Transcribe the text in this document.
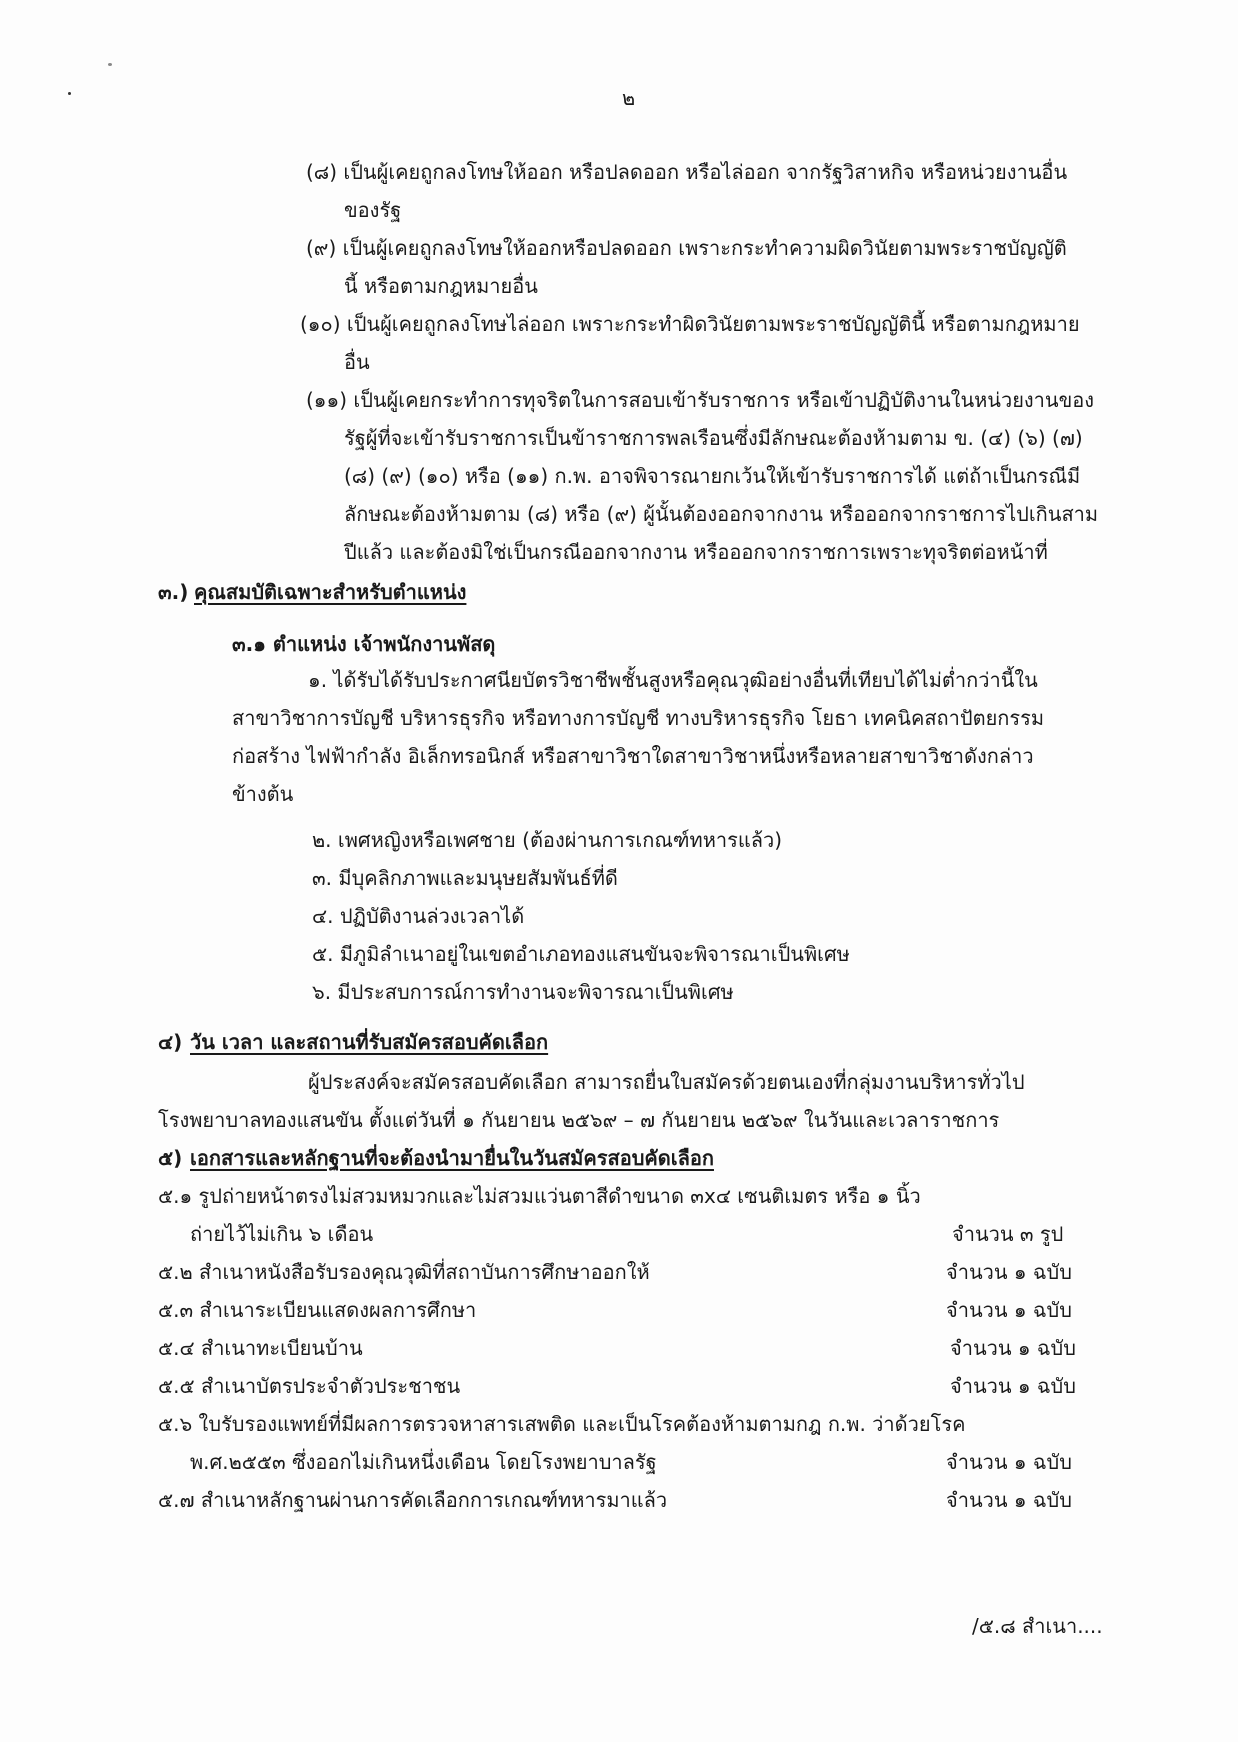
๒
(๘) เป็นผู้เคยถูกลงโทษให้ออก หรือปลดออก หรือไล่ออก จากรัฐวิสาหกิจ หรือหน่วยงานอื่น
ของรัฐ
(๙) เป็นผู้เคยถูกลงโทษให้ออกหรือปลดออก เพราะกระทำความผิดวินัยตามพระราชบัญญัติ
นี้ หรือตามกฎหมายอื่น
(๑๐) เป็นผู้เคยถูกลงโทษไล่ออก เพราะกระทำผิดวินัยตามพระราชบัญญัตินี้ หรือตามกฎหมาย
อื่น
(๑๑) เป็นผู้เคยกระทำการทุจริตในการสอบเข้ารับราชการ หรือเข้าปฏิบัติงานในหน่วยงานของ
รัฐผู้ที่จะเข้ารับราชการเป็นข้าราชการพลเรือนซึ่งมีลักษณะต้องห้ามตาม ข. (๔) (๖) (๗)
(๘) (๙) (๑๐) หรือ (๑๑) ก.พ. อาจพิจารณายกเว้นให้เข้ารับราชการได้ แต่ถ้าเป็นกรณีมี
ลักษณะต้องห้ามตาม (๘) หรือ (๙) ผู้นั้นต้องออกจากงาน หรือออกจากราชการไปเกินสาม
ปีแล้ว และต้องมิใช่เป็นกรณีออกจากงาน หรือออกจากราชการเพราะทุจริตต่อหน้าที่
๓.) คุณสมบัติเฉพาะสำหรับตำแหน่ง
๓.๑ ตำแหน่ง เจ้าพนักงานพัสดุ
๑. ได้รับได้รับประกาศนียบัตรวิชาชีพชั้นสูงหรือคุณวุฒิอย่างอื่นที่เทียบได้ไม่ต่ำกว่านี้ใน
สาขาวิชาการบัญชี บริหารธุรกิจ หรือทางการบัญชี ทางบริหารธุรกิจ โยธา เทคนิคสถาปัตยกรรม
ก่อสร้าง ไฟฟ้ากำลัง อิเล็กทรอนิกส์ หรือสาขาวิชาใดสาขาวิชาหนึ่งหรือหลายสาขาวิชาดังกล่าว
ข้างต้น
๒. เพศหญิงหรือเพศชาย (ต้องผ่านการเกณฑ์ทหารแล้ว)
๓. มีบุคลิกภาพและมนุษยสัมพันธ์ที่ดี
๔. ปฏิบัติงานล่วงเวลาได้
๕. มีภูมิลำเนาอยู่ในเขตอำเภอทองแสนขันจะพิจารณาเป็นพิเศษ
๖. มีประสบการณ์การทำงานจะพิจารณาเป็นพิเศษ
๔) วัน เวลา และสถานที่รับสมัครสอบคัดเลือก
ผู้ประสงค์จะสมัครสอบคัดเลือก สามารถยื่นใบสมัครด้วยตนเองที่กลุ่มงานบริหารทั่วไป
โรงพยาบาลทองแสนขัน ตั้งแต่วันที่ ๑ กันยายน ๒๕๖๙ – ๗ กันยายน ๒๕๖๙ ในวันและเวลาราชการ
๕) เอกสารและหลักฐานที่จะต้องนำมายื่นในวันสมัครสอบคัดเลือก
๕.๑ รูปถ่ายหน้าตรงไม่สวมหมวกและไม่สวมแว่นตาสีดำขนาด ๓x๔ เซนติเมตร หรือ ๑ นิ้ว
ถ่ายไว้ไม่เกิน ๖ เดือน	จำนวน ๓ รูป
๕.๒ สำเนาหนังสือรับรองคุณวุฒิที่สถาบันการศึกษาออกให้	จำนวน ๑ ฉบับ
๕.๓ สำเนาระเบียนแสดงผลการศึกษา	จำนวน ๑ ฉบับ
๕.๔ สำเนาทะเบียนบ้าน	จำนวน ๑ ฉบับ
๕.๕ สำเนาบัตรประจำตัวประชาชน	จำนวน ๑ ฉบับ
๕.๖ ใบรับรองแพทย์ที่มีผลการตรวจหาสารเสพติด และเป็นโรคต้องห้ามตามกฎ ก.พ. ว่าด้วยโรค
พ.ศ.๒๕๕๓ ซึ่งออกไม่เกินหนึ่งเดือน โดยโรงพยาบาลรัฐ	จำนวน ๑ ฉบับ
๕.๗ สำเนาหลักฐานผ่านการคัดเลือกการเกณฑ์ทหารมาแล้ว	จำนวน ๑ ฉบับ
/๕.๘ สำเนา....
